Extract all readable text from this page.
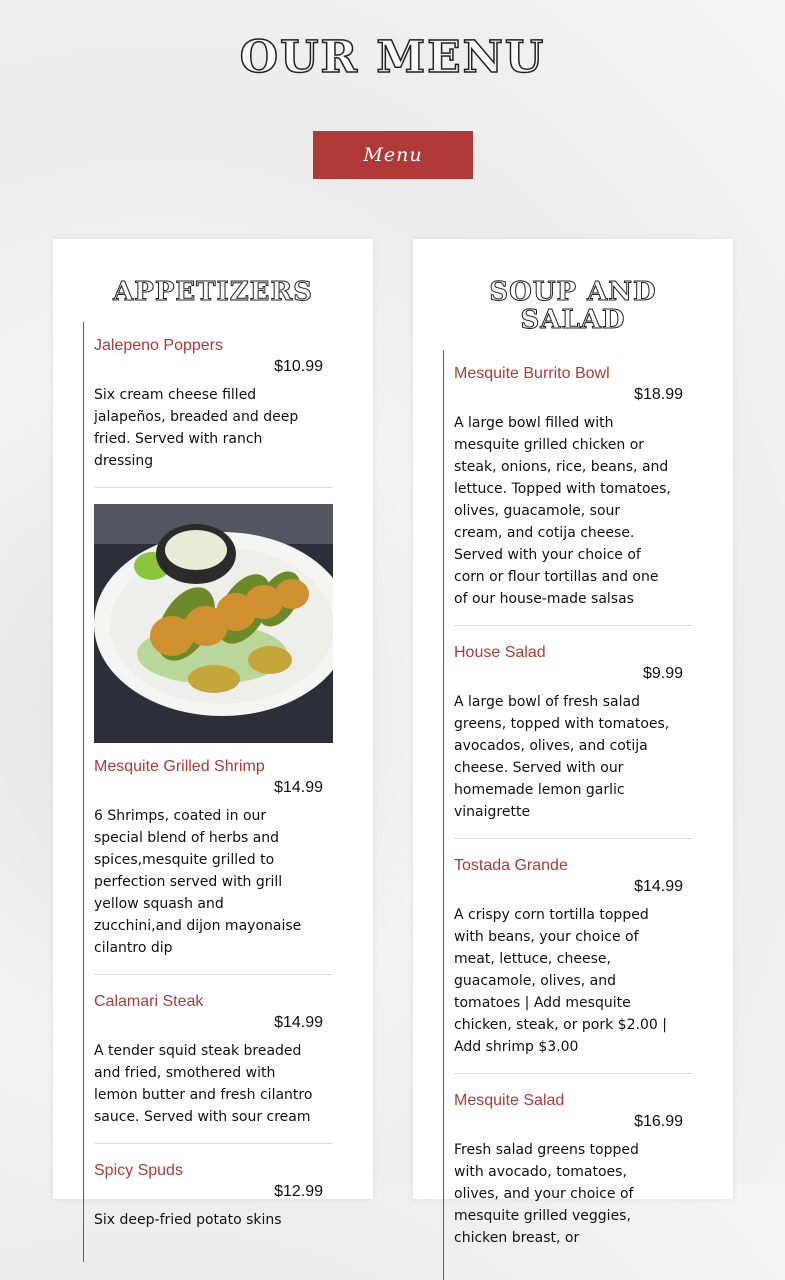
OUR MENU
Menu
APPETIZERS
Jalepeno Poppers
$10.99
Six cream cheese filled jalapeños, breaded and deep fried. Served with ranch dressing
Mesquite Grilled Shrimp
$14.99
6 Shrimps, coated in our special blend of herbs and spices,mesquite grilled to perfection served with grill yellow squash and zucchini,and dijon mayonaise cilantro dip
Calamari Steak
$14.99
A tender squid steak breaded and fried, smothered with lemon butter and fresh cilantro sauce. Served with sour cream
Spicy Spuds
$12.99
Six deep-fried potato skins
SOUP AND SALAD
Mesquite Burrito Bowl
$18.99
A large bowl filled with mesquite grilled chicken or steak, onions, rice, beans, and lettuce. Topped with tomatoes, olives, guacamole, sour cream, and cotija cheese. Served with your choice of corn or flour tortillas and one of our house-made salsas
House Salad
$9.99
A large bowl of fresh salad greens, topped with tomatoes, avocados, olives, and cotija cheese. Served with our homemade lemon garlic vinaigrette
Tostada Grande
$14.99
A crispy corn tortilla topped with beans, your choice of meat, lettuce, cheese, guacamole, olives, and tomatoes | Add mesquite chicken, steak, or pork $2.00 | Add shrimp $3.00
Mesquite Salad
$16.99
Fresh salad greens topped with avocado, tomatoes, olives, and your choice of mesquite grilled veggies, chicken breast, or
